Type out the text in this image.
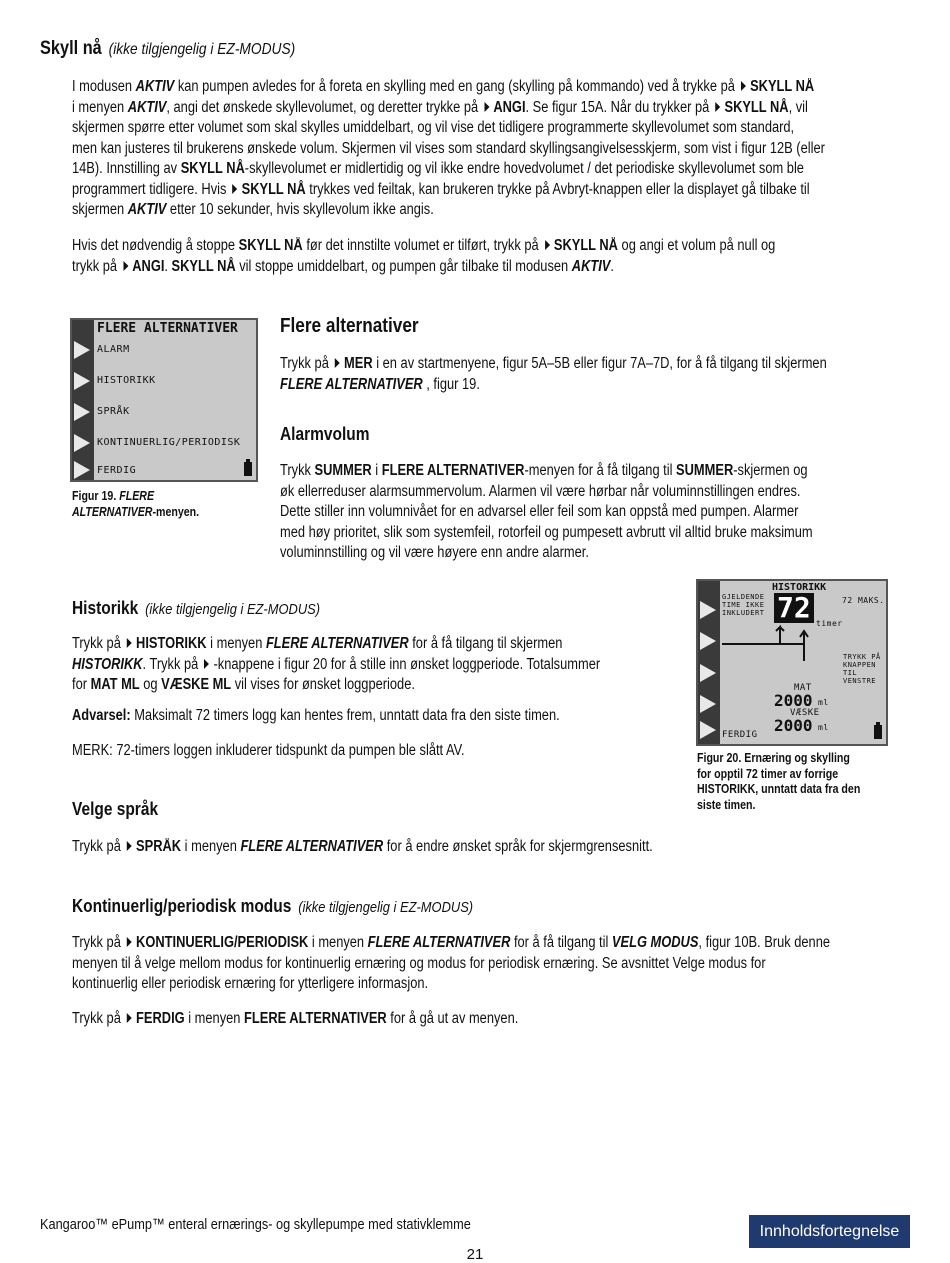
Skyll nå (ikke tilgjengelig i EZ-MODUS)
I modusen AKTIV kan pumpen avledes for å foreta en skylling med en gang (skylling på kommando) ved å trykke på SKYLL NÅ
i menyen AKTIV, angi det ønskede skyllevolumet, og deretter trykke på ANGI. Se figur 15A. Når du trykker på SKYLL NÅ, vil
skjermen spørre etter volumet som skal skylles umiddelbart, og vil vise det tidligere programmerte skyllevolumet som standard,
men kan justeres til brukerens ønskede volum. Skjermen vil vises som standard skyllingsangivelsesskjerm, som vist i figur 12B (eller
14B). Innstilling av SKYLL NÅ-skyllevolumet er midlertidig og vil ikke endre hovedvolumet / det periodiske skyllevolumet som ble
programmert tidligere. Hvis SKYLL NÅ trykkes ved feiltak, kan brukeren trykke på Avbryt-knappen eller la displayet gå tilbake til
skjermen AKTIV etter 10 sekunder, hvis skyllevolum ikke angis.
Hvis det nødvendig å stoppe SKYLL NÅ før det innstilte volumet er tilført, trykk på SKYLL NÅ og angi et volum på null og
trykk på ANGI. SKYLL NÅ vil stoppe umiddelbart, og pumpen går tilbake til modusen AKTIV.
FLERE ALTERNATIVER
ALARM
HISTORIKK
SPRÅK
KONTINUERLIG/PERIODISK
FERDIG
Figur 19. FLERE
ALTERNATIVER-menyen.
Flere alternativer
Trykk på MER i en av startmenyene, figur 5A–5B eller figur 7A–7D, for å få tilgang til skjermen
FLERE ALTERNATIVER , figur 19.
Alarmvolum
Trykk SUMMER i FLERE ALTERNATIVER-menyen for å få tilgang til SUMMER-skjermen og
øk ellerreduser alarmsummervolum. Alarmen vil være hørbar når voluminnstillingen endres.
Dette stiller inn volumnivået for en advarsel eller feil som kan oppstå med pumpen. Alarmer
med høy prioritet, slik som systemfeil, rotorfeil og pumpesett avbrutt vil alltid bruke maksimum
voluminnstilling og vil være høyere enn andre alarmer.
HISTORIKK
GJELDENDE
TIME IKKE
INKLUDERT 72 timer
72 MAKS.
TRYKK PÅ
KNAPPEN
TIL
VENSTRE
MAT
2000 ml
VÆSKE
2000 ml
FERDIG
Figur 20. Ernæring og skylling
for opptil 72 timer av forrige
HISTORIKK, unntatt data fra den
siste timen.
Historikk (ikke tilgjengelig i EZ-MODUS)
Trykk på HISTORIKK i menyen FLERE ALTERNATIVER for å få tilgang til skjermen
HISTORIKK. Trykk på -knappene i figur 20 for å stille inn ønsket loggperiode. Totalsummer
for MAT ML og VÆSKE ML vil vises for ønsket loggperiode.
Advarsel: Maksimalt 72 timers logg kan hentes frem, unntatt data fra den siste timen.
MERK: 72-timers loggen inkluderer tidspunkt da pumpen ble slått AV.
Velge språk
Trykk på SPRÅK i menyen FLERE ALTERNATIVER for å endre ønsket språk for skjermgrensesnitt.
Kontinuerlig/periodisk modus (ikke tilgjengelig i EZ-MODUS)
Trykk på KONTINUERLIG/PERIODISK i menyen FLERE ALTERNATIVER for å få tilgang til VELG MODUS, figur 10B. Bruk denne
menyen til å velge mellom modus for kontinuerlig ernæring og modus for periodisk ernæring. Se avsnittet Velge modus for
kontinuerlig eller periodisk ernæring for ytterligere informasjon.
Trykk på FERDIG i menyen FLERE ALTERNATIVER for å gå ut av menyen.
Kangaroo™ ePump™ enteral ernærings- og skyllepumpe med stativklemme
21
Innholdsfortegnelse
